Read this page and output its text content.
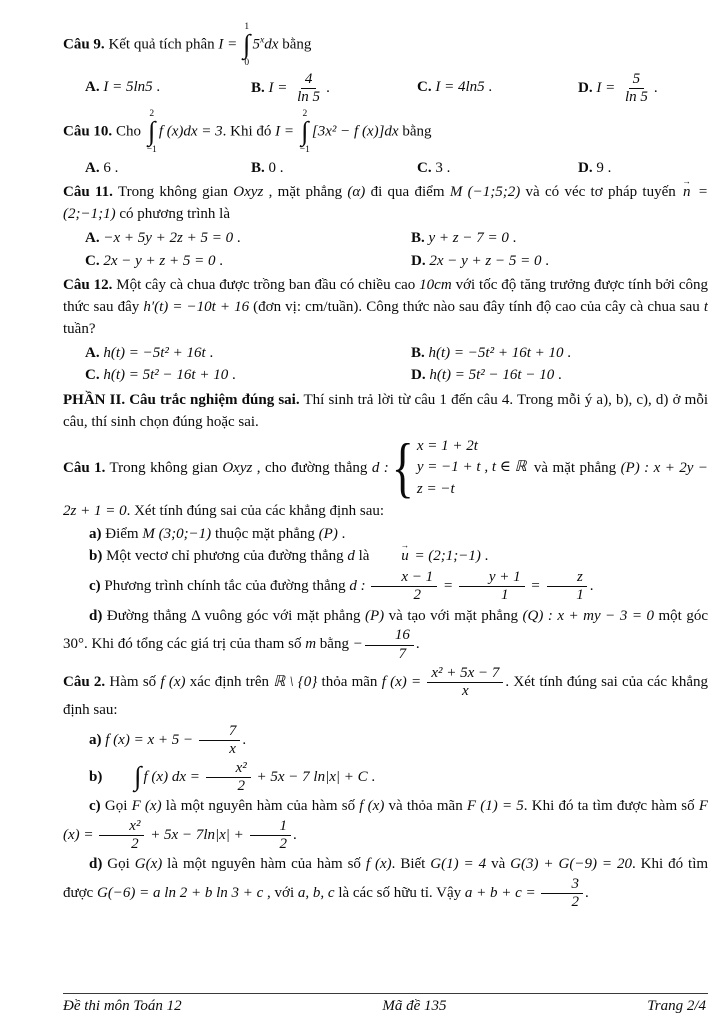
Câu 9. Kết quả tích phân I =
1
∫
0
5$^x$dx bằng

A. I = 5ln5 .	B. $I = \frac{4}{\ln 5}$ .	C. I = 4ln5 .	D. $I = \frac{5}{\ln 5}$ .

Câu 10. Cho
2
∫
−1
f (x)dx = 3. Khi đó I =
2
∫
−1
[3x² − f (x)]dx bằng

A. 6 .	B. 0 .	C. 3 .	D. 9 .

Câu 11. Trong không gian Oxyz , mặt phẳng (α) đi qua điểm M (−1;5;2) và có véc tơ pháp tuyến
→
n = (2;−1;1) có phương trình là

A. −x + 5y + 2z + 5 = 0 .	B. y + z − 7 = 0 .
C. 2x − y + z + 5 = 0 .	D. 2x − y + z − 5 = 0 .

Câu 12. Một cây cà chua được trồng ban đầu có chiều cao 10cm với tốc độ tăng trưởng được tính bởi công thức sau đây h′(t) = −10t + 16 (đơn vị: cm/tuần). Công thức nào sau đây tính độ cao của cây cà chua sau t tuần?

A. h(t) = −5t² + 16t .	B. h(t) = −5t² + 16t + 10 .
C. h(t) = 5t² − 16t + 10 .	D. h(t) = 5t² − 16t − 10 .

PHẦN II. Câu trắc nghiệm đúng sai. Thí sinh trả lời từ câu 1 đến câu 4. Trong mỗi ý a), b), c), d) ở mỗi câu, thí sinh chọn đúng hoặc sai.

Câu 1. Trong không gian Oxyz , cho đường thẳng d : { x = 1 + 2t
y = −1 + t , t ∈ ℝ
z = −t
và mặt phẳng (P) : x + 2y − 2z + 1 = 0. Xét tính đúng sai của các khẳng định sau:

a) Điểm M (3;0;−1) thuộc mặt phẳng (P) .

b) Một vectơ chỉ phương của đường thẳng d là
→
u = (2;1;−1) .

c) Phương trình chính tắc của đường thẳng d : $\frac{x - 1}{2} = \frac{y + 1}{1} = \frac{z}{1}$ .

d) Đường thẳng Δ vuông góc với mặt phẳng (P) và tạo với mặt phẳng (Q) : x + my − 3 = 0 một góc 30°. Khi đó tổng các giá trị của tham số m bằng − $\frac{16}{7}$ .

Câu 2. Hàm số f (x) xác định trên ℝ \ {0} thỏa mãn f $(x) = \frac{\text{x² + 5x − 7}}{x}$ . Xét tính đúng sai của các khẳng định sau:

a) f $(x) = x + 5 - \frac{7}{x}$ .

b)	∫ f (x) dx = $\frac{\text{x²}}{2} + 5x - 7$ ln|x| + C .

c) Gọi F (x) là một nguyên hàm của hàm số f (x) và thỏa mãn F (1) = 5. Khi đó ta tìm được hàm số F $(x) = \frac{\text{x²}}{2} + 5x - 7\ln|x| + \frac{1}{2}$ .

d) Gọi G(x) là một nguyên hàm của hàm số f (x). Biết G(1) = 4 và G(3) + G(−9) = 20. Khi đó tìm được G(−6) = a ln 2 + b ln 3 + c , với a, b, c là các số hữu tỉ. Vậy $a + b + c = \frac{3}{2}$ .

Đề thi môn Toán 12	Mã đề 135	Trang 2/4
